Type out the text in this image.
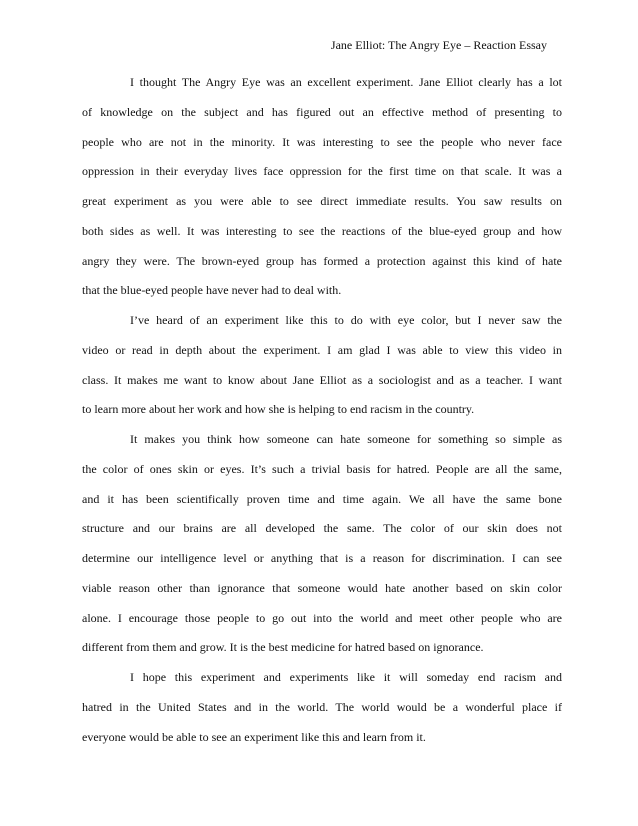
Jane Elliot: The Angry Eye – Reaction Essay
I thought The Angry Eye was an excellent experiment. Jane Elliot clearly has a lot
of knowledge on the subject and has figured out an effective method of presenting to
people who are not in the minority. It was interesting to see the people who never face
oppression in their everyday lives face oppression for the first time on that scale. It was a
great experiment as you were able to see direct immediate results. You saw results on
both sides as well. It was interesting to see the reactions of the blue-eyed group and how
angry they were. The brown-eyed group has formed a protection against this kind of hate
that the blue-eyed people have never had to deal with.
I’ve heard of an experiment like this to do with eye color, but I never saw the
video or read in depth about the experiment. I am glad I was able to view this video in
class. It makes me want to know about Jane Elliot as a sociologist and as a teacher. I want
to learn more about her work and how she is helping to end racism in the country.
It makes you think how someone can hate someone for something so simple as
the color of ones skin or eyes. It’s such a trivial basis for hatred. People are all the same,
and it has been scientifically proven time and time again. We all have the same bone
structure and our brains are all developed the same. The color of our skin does not
determine our intelligence level or anything that is a reason for discrimination. I can see
viable reason other than ignorance that someone would hate another based on skin color
alone. I encourage those people to go out into the world and meet other people who are
different from them and grow. It is the best medicine for hatred based on ignorance.
I hope this experiment and experiments like it will someday end racism and
hatred in the United States and in the world. The world would be a wonderful place if
everyone would be able to see an experiment like this and learn from it.
